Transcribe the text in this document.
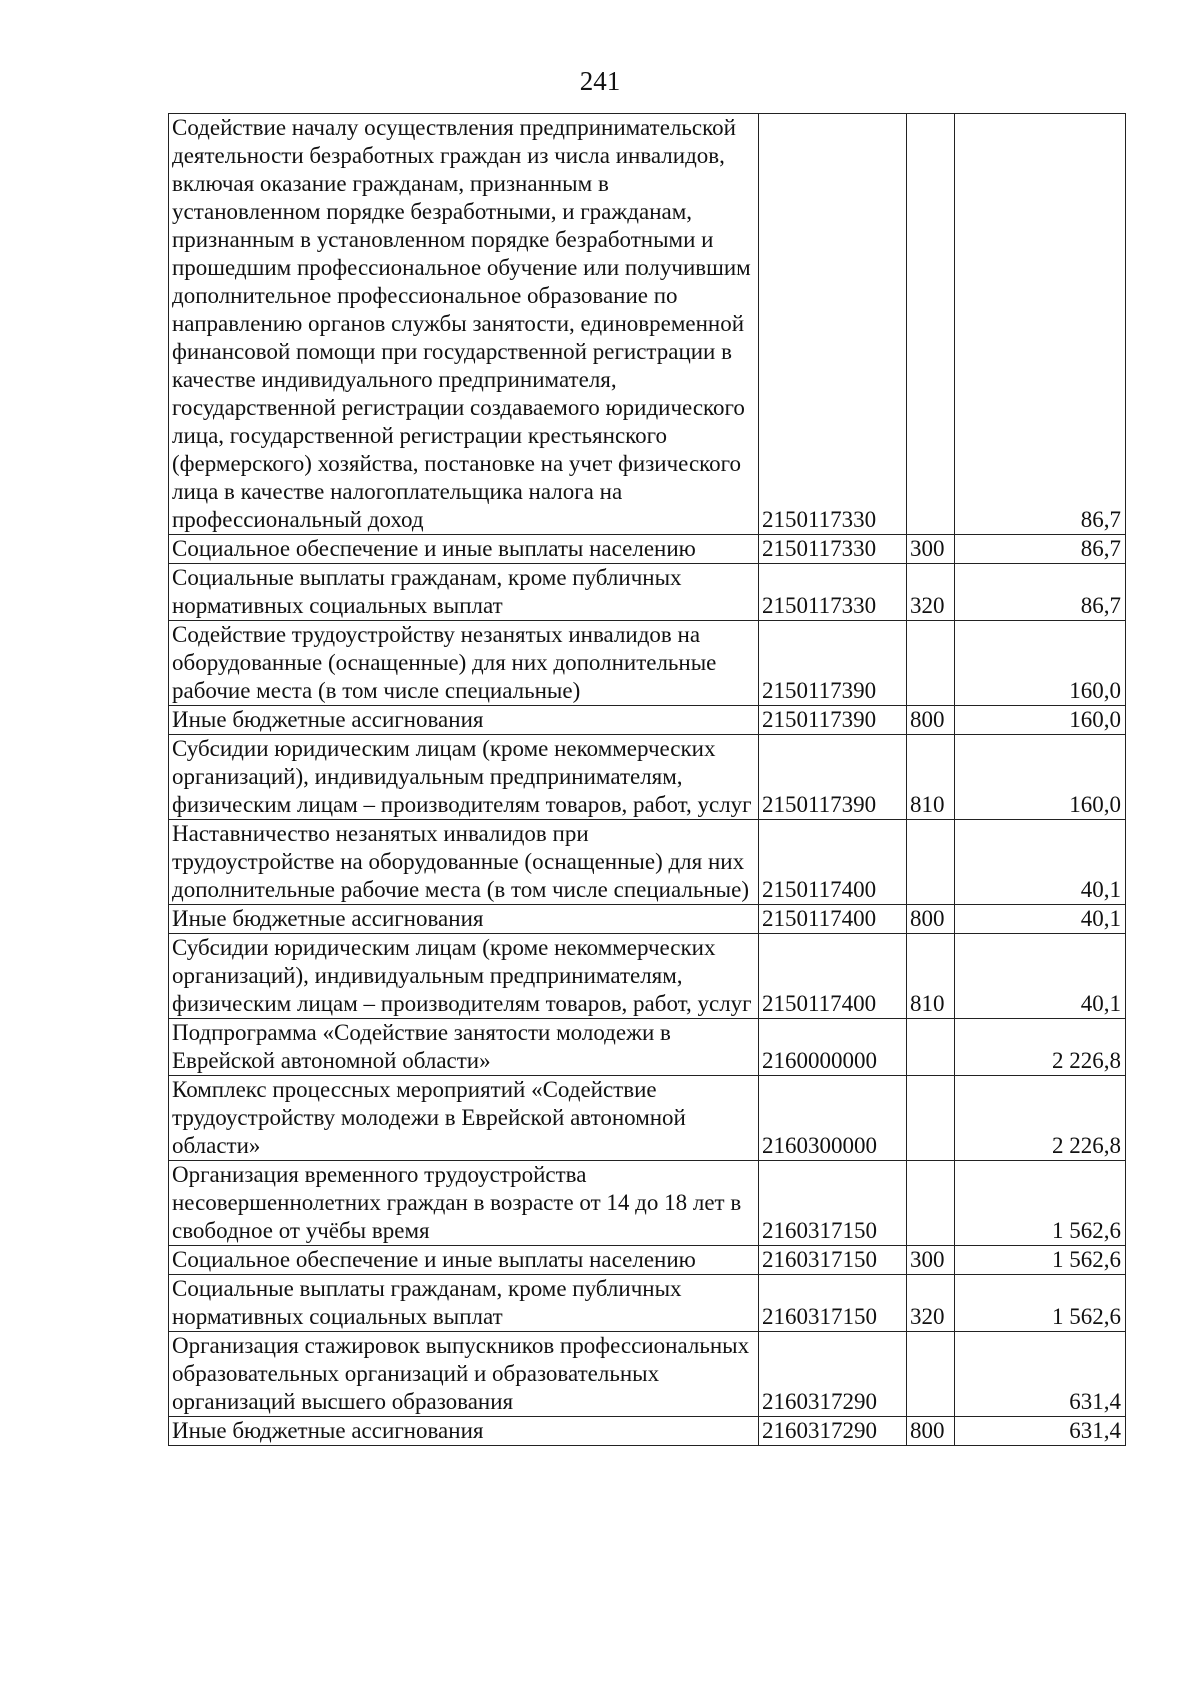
241
Содействие началу осуществления предпринимательской деятельности безработных граждан из числа инвалидов, включая оказание гражданам, признанным в установленном порядке безработными, и гражданам, признанным в установленном порядке безработными и прошедшим профессиональное обучение или получившим дополнительное профессиональное образование по направлению органов службы занятости, единовременной финансовой помощи при государственной регистрации в качестве индивидуального предпринимателя, государственной регистрации создаваемого юридического лица, государственной регистрации крестьянского (фермерского) хозяйства, постановке на учет физического лица в качестве налогоплательщика налога на профессиональный доход	2150117330		86,7
Социальное обеспечение и иные выплаты населению	2150117330	300	86,7
Социальные выплаты гражданам, кроме публичных нормативных социальных выплат	2150117330	320	86,7
Содействие трудоустройству незанятых инвалидов на оборудованные (оснащенные) для них дополнительные рабочие места (в том числе специальные)	2150117390		160,0
Иные бюджетные ассигнования	2150117390	800	160,0
Субсидии юридическим лицам (кроме некоммерческих организаций), индивидуальным предпринимателям, физическим лицам – производителям товаров, работ, услуг	2150117390	810	160,0
Наставничество незанятых инвалидов при трудоустройстве на оборудованные (оснащенные) для них дополнительные рабочие места (в том числе специальные)	2150117400		40,1
Иные бюджетные ассигнования	2150117400	800	40,1
Субсидии юридическим лицам (кроме некоммерческих организаций), индивидуальным предпринимателям, физическим лицам – производителям товаров, работ, услуг	2150117400	810	40,1
Подпрограмма «Содействие занятости молодежи в Еврейской автономной области»	2160000000		2 226,8
Комплекс процессных мероприятий «Содействие трудоустройству молодежи в Еврейской автономной области»	2160300000		2 226,8
Организация временного трудоустройства несовершеннолетних граждан в возрасте от 14 до 18 лет в свободное от учёбы время	2160317150		1 562,6
Социальное обеспечение и иные выплаты населению	2160317150	300	1 562,6
Социальные выплаты гражданам, кроме публичных нормативных социальных выплат	2160317150	320	1 562,6
Организация стажировок выпускников профессиональных образовательных организаций и образовательных организаций высшего образования	2160317290		631,4
Иные бюджетные ассигнования	2160317290	800	631,4
